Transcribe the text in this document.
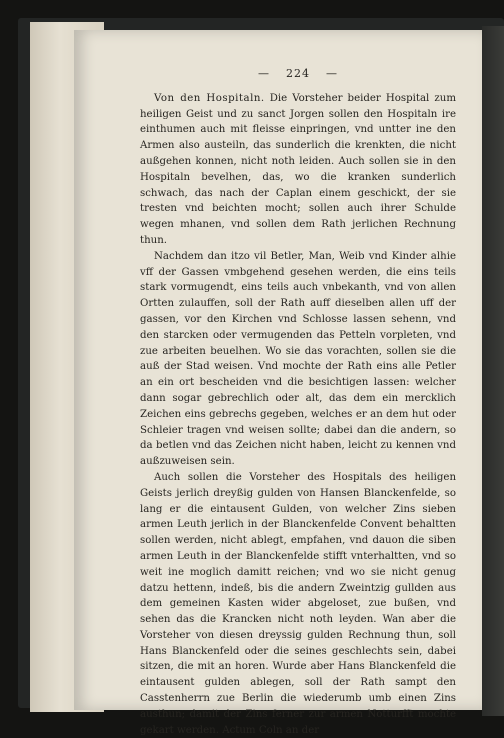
— 224 —

Von den Hospitaln. Die Vorsteher beider Hospital zum heiligen Geist und zu sanct Jorgen sollen den Hospitaln ire einthumen auch mit fleisse einpringen, vnd untter ine den Armen also austeiln, das sunderlich die krenkten, die nicht außgehen konnen, nicht noth leiden. Auch sollen sie in den Hospitaln bevelhen, das, wo die kranken sunderlich schwach, das nach der Caplan einem geschickt, der sie tresten vnd beichten mocht; sollen auch ihrer Schulde wegen mhanen, vnd sollen dem Rath jerlichen Rechnung thun.

Nachdem dan itzo vil Betler, Man, Weib vnd Kinder alhie vff der Gassen vmbgehend gesehen werden, die eins teils stark vormugendt, eins teils auch vnbekanth, vnd von allen Ortten zulauffen, soll der Rath auff dieselben allen uff der gassen, vor den Kirchen vnd Schlosse lassen sehenn, vnd den starcken oder vermugenden das Petteln vorpleten, vnd zue arbeiten beuelhen. Wo sie das vorachten, sollen sie die auß der Stad weisen. Vnd mochte der Rath eins alle Petler an ein ort bescheiden vnd die besichtigen lassen: welcher dann sogar gebrechlich oder alt, das dem ein mercklich Zeichen eins gebrechs gegeben, welches er an dem hut oder Schleier tragen vnd weisen sollte; dabei dan die andern, so da betlen vnd das Zeichen nicht haben, leicht zu kennen vnd außzuweisen sein.

Auch sollen die Vorsteher des Hospitals des heiligen Geists jerlich dreyßig gulden von Hansen Blanckenfelde, so lang er die eintausent Gulden, von welcher Zins sieben armen Leuth jerlich in der Blanckenfelde Convent behaltten sollen werden, nicht ablegt, empfahen, vnd dauon die siben armen Leuth in der Blanckenfelde stifft vnterhaltten, vnd so weit ine moglich damitt reichen; vnd wo sie nicht genug datzu hettenn, indeß, bis die andern Zweintzig gullden aus dem gemeinen Kasten wider abgeloset, zue bußen, vnd sehen das die Krancken nicht noth leyden. Wan aber die Vorsteher von diesen dreyssig gulden Rechnung thun, soll Hans Blanckenfeld oder die seines geschlechts sein, dabei sitzen, die mit an horen. Wurde aber Hans Blanckenfeld die eintausent gulden ablegen, soll der Rath sampt den Casstenherrn zue Berlin die wiederumb umb einen Zins austhun; damit der Zins ferner zur armen Notturfft mochte gekart werden. Actum Coln an der
